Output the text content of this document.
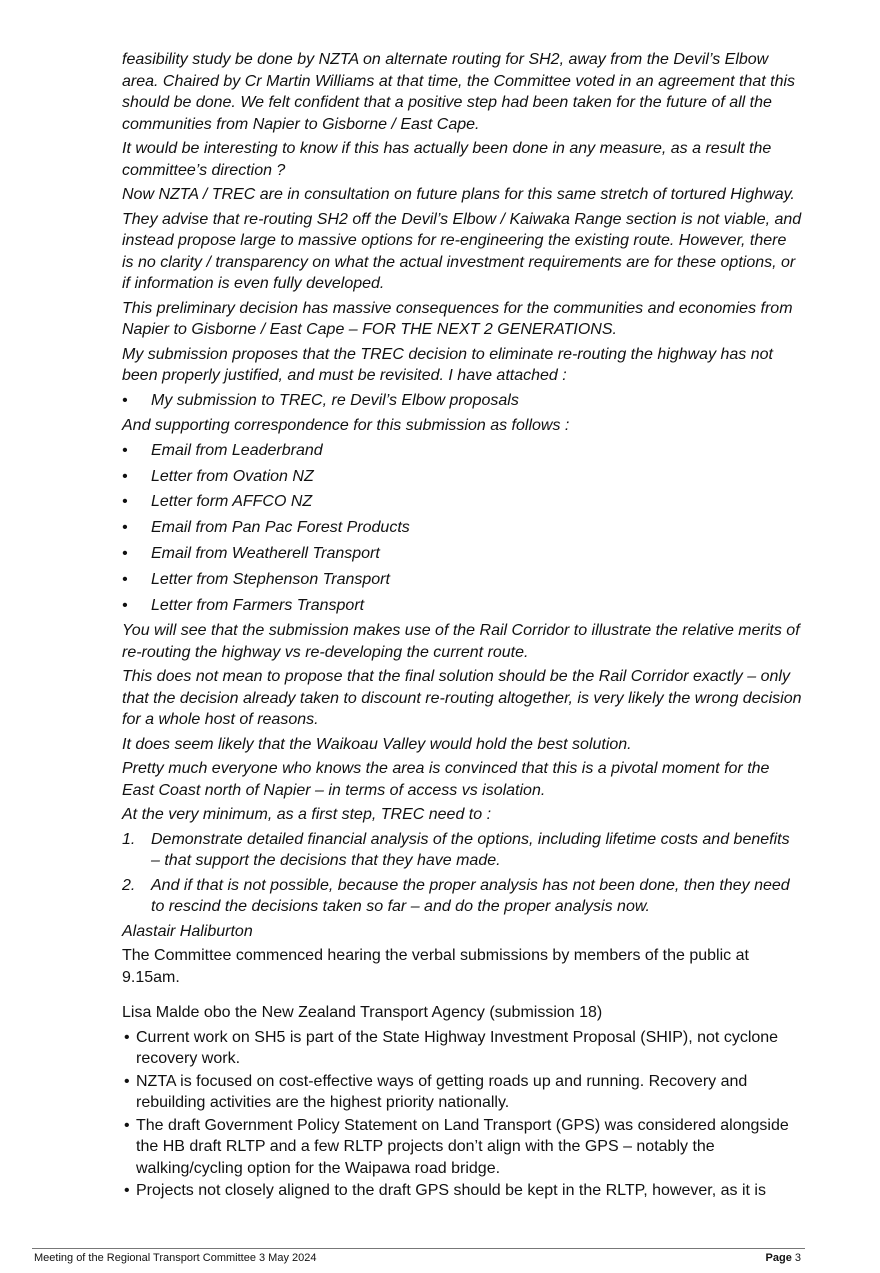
feasibility study be done by NZTA on alternate routing for SH2, away from the Devil’s Elbow area. Chaired by Cr Martin Williams at that time, the Committee voted in an agreement that this should be done. We felt confident that a positive step had been taken for the future of all the communities from Napier to Gisborne / East Cape.

It would be interesting to know if this has actually been done in any measure, as a result the committee’s direction ?

Now NZTA / TREC are in consultation on future plans for this same stretch of tortured Highway.

They advise that re-routing SH2 off the Devil’s Elbow / Kaiwaka Range section is not viable, and instead propose large to massive options for re-engineering the existing route. However, there is no clarity / transparency on what the actual investment requirements are for these options, or if information is even fully developed.

This preliminary decision has massive consequences for the communities and economies from Napier to Gisborne / East Cape – FOR THE NEXT 2 GENERATIONS.

My submission proposes that the TREC decision to eliminate re-routing the highway has not been properly justified, and must be revisited. I have attached :

• My submission to TREC, re Devil’s Elbow proposals

And supporting correspondence for this submission as follows :

• Email from Leaderbrand
• Letter from Ovation NZ
• Letter form AFFCO NZ
• Email from Pan Pac Forest Products
• Email from Weatherell Transport
• Letter from Stephenson Transport
• Letter from Farmers Transport

You will see that the submission makes use of the Rail Corridor to illustrate the relative merits of re-routing the highway vs re-developing the current route.

This does not mean to propose that the final solution should be the Rail Corridor exactly – only that the decision already taken to discount re-routing altogether, is very likely the wrong decision for a whole host of reasons.

It does seem likely that the Waikoau Valley would hold the best solution.

Pretty much everyone who knows the area is convinced that this is a pivotal moment for the East Coast north of Napier – in terms of access vs isolation.

At the very minimum, as a first step, TREC need to :

1. Demonstrate detailed financial analysis of the options, including lifetime costs and benefits – that support the decisions that they have made.
2. And if that is not possible, because the proper analysis has not been done, then they need to rescind the decisions taken so far – and do the proper analysis now.

Alastair Haliburton

The Committee commenced hearing the verbal submissions by members of the public at 9.15am.

Lisa Malde obo the New Zealand Transport Agency (submission 18)

• Current work on SH5 is part of the State Highway Investment Proposal (SHIP), not cyclone recovery work.
• NZTA is focused on cost-effective ways of getting roads up and running. Recovery and rebuilding activities are the highest priority nationally.
• The draft Government Policy Statement on Land Transport (GPS) was considered alongside the HB draft RLTP and a few RLTP projects don’t align with the GPS – notably the walking/cycling option for the Waipawa road bridge.
• Projects not closely aligned to the draft GPS should be kept in the RLTP, however, as it is
Meeting of the Regional Transport Committee 3 May 2024	Page 3
